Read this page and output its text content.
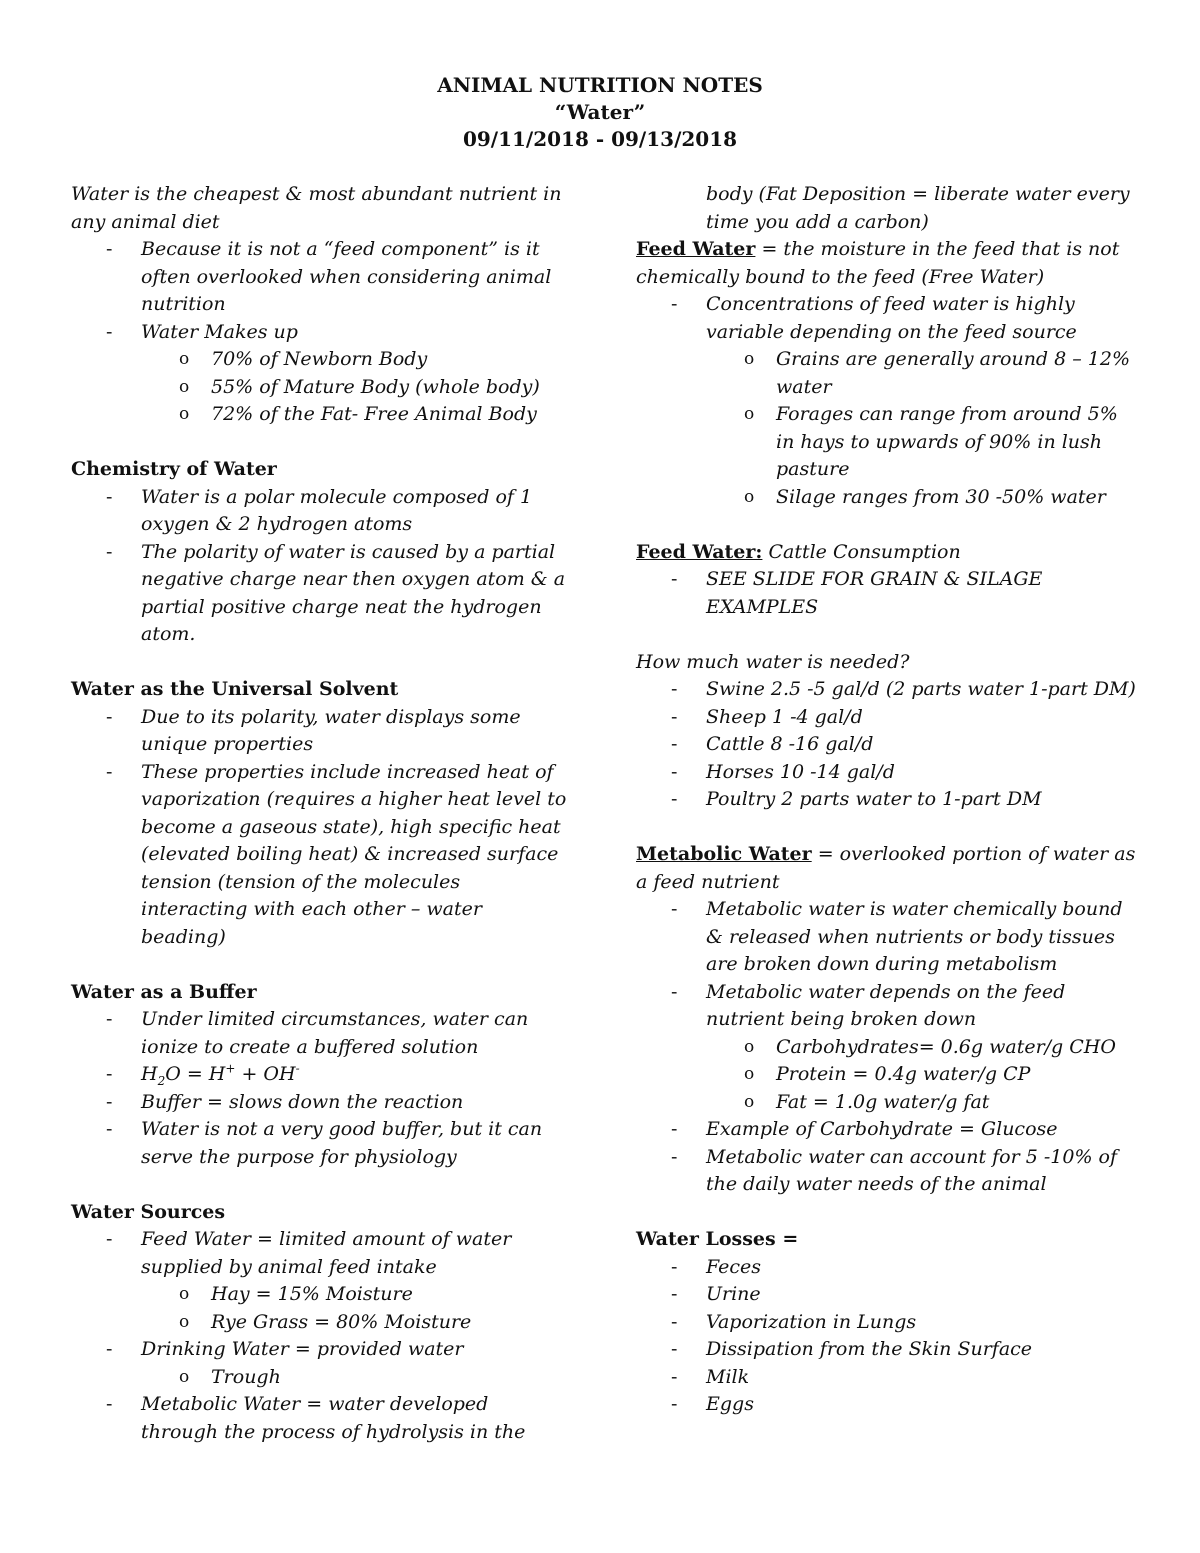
ANIMAL NUTRITION NOTES
“Water”
09/11/2018 - 09/13/2018

Water is the cheapest & most abundant nutrient in any animal diet

- Because it is not a “feed component” is it often overlooked when considering animal nutrition

- Water Makes up

o 70% of Newborn Body

o 55% of Mature Body (whole body)

o 72% of the Fat- Free Animal Body

Chemistry of Water

- Water is a polar molecule composed of 1 oxygen & 2 hydrogen atoms

- The polarity of water is caused by a partial negative charge near then oxygen atom & a partial positive charge neat the hydrogen atom.

Water as the Universal Solvent

- Due to its polarity, water displays some unique properties

- These properties include increased heat of vaporization (requires a higher heat level to become a gaseous state), high specific heat (elevated boiling heat) & increased surface tension (tension of the molecules interacting with each other – water beading)

Water as a Buffer

- Under limited circumstances, water can ionize to create a buffered solution

- $H_2O = H^+ + OH^-$

- Buffer = slows down the reaction

- Water is not a very good buffer, but it can serve the purpose for physiology

Water Sources

- Feed Water = limited amount of water supplied by animal feed intake

o Hay = 15% Moisture

o Rye Grass = 80% Moisture

- Drinking Water = provided water

o Trough

- Metabolic Water = water developed through the process of hydrolysis in the

body (Fat Deposition = liberate water every time you add a carbon)

Feed Water = the moisture in the feed that is not chemically bound to the feed (Free Water)

- Concentrations of feed water is highly variable depending on the feed source

o Grains are generally around 8 – 12% water

o Forages can range from around 5% in hays to upwards of 90% in lush pasture

o Silage ranges from 30 -50% water

Feed Water: Cattle Consumption

- SEE SLIDE FOR GRAIN & SILAGE EXAMPLES

How much water is needed?

- Swine 2.5 -5 gal/d (2 parts water 1-part DM)

- Sheep 1 -4 gal/d

- Cattle 8 -16 gal/d

- Horses 10 -14 gal/d

- Poultry 2 parts water to 1-part DM

Metabolic Water = overlooked portion of water as a feed nutrient

- Metabolic water is water chemically bound & released when nutrients or body tissues are broken down during metabolism

- Metabolic water depends on the feed nutrient being broken down

o Carbohydrates= 0.6g water/g CHO

o Protein = 0.4g water/g CP

o Fat = 1.0g water/g fat

- Example of Carbohydrate = Glucose

- Metabolic water can account for 5 -10% of the daily water needs of the animal

Water Losses =

- Feces

- Urine

- Vaporization in Lungs

- Dissipation from the Skin Surface

- Milk

- Eggs
